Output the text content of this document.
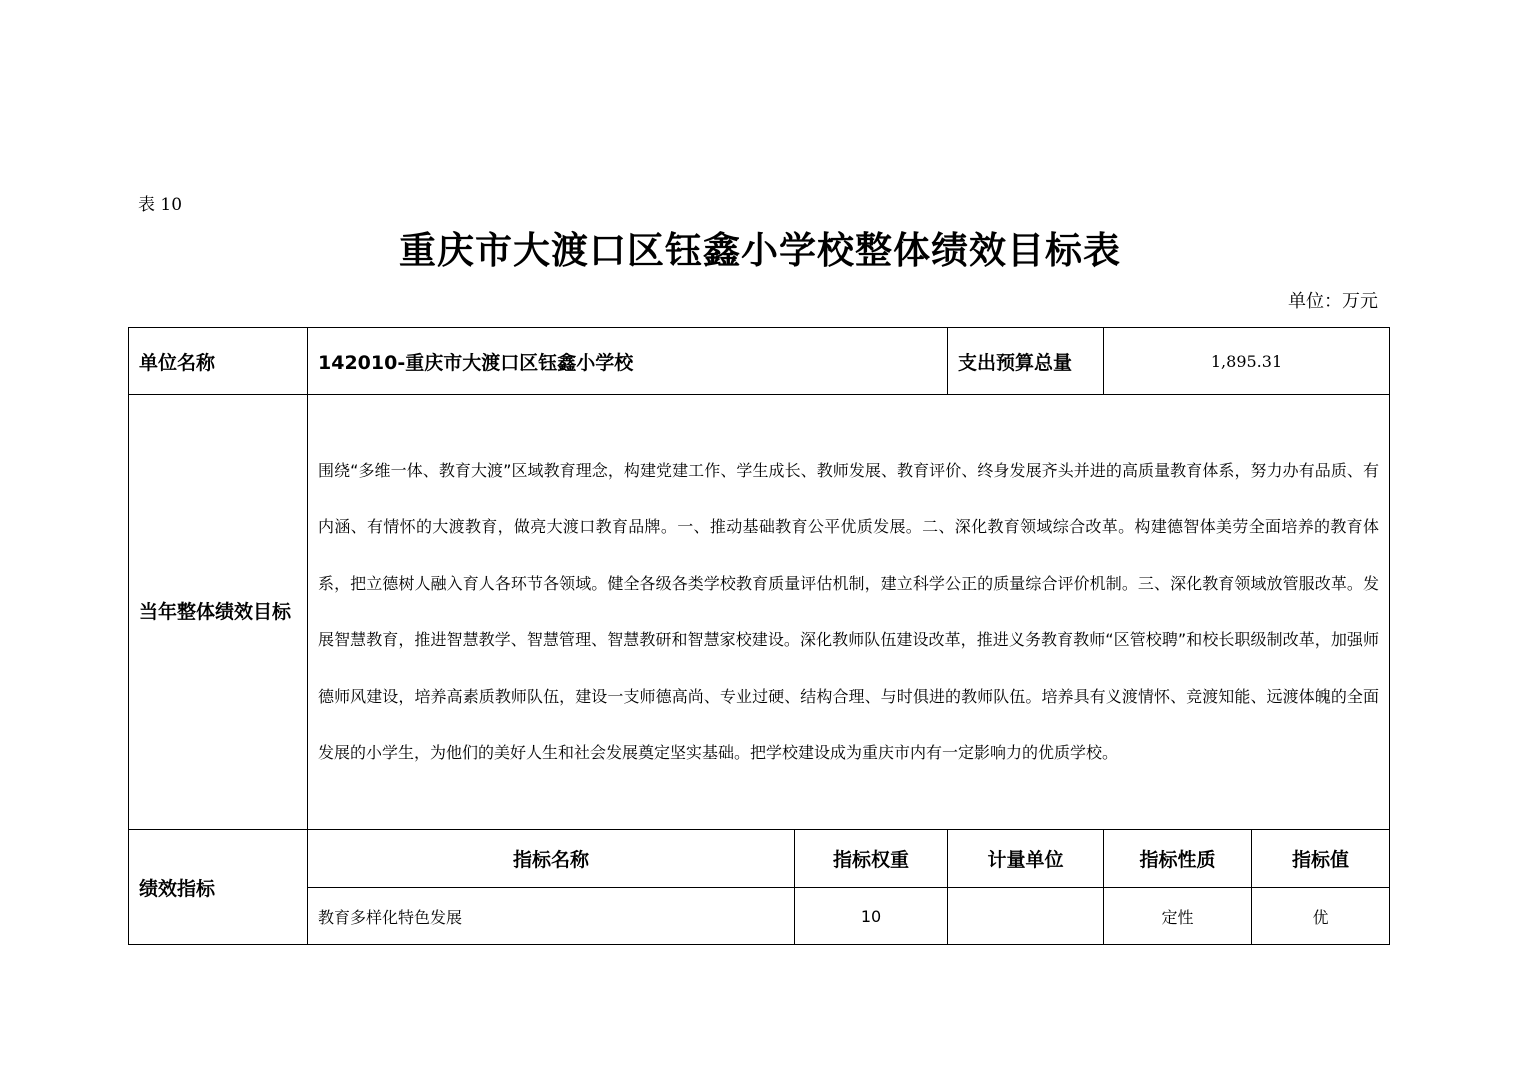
表 10
重庆市大渡口区钰鑫小学校整体绩效目标表
单位：万元
单位名称	142010-重庆市大渡口区钰鑫小学校		支出预算总量	1,895.31	
当年整体绩效目标	围绕“多维一体、教育大渡”区域教育理念，构建党建工作、学生成长、教师发展、教育评价、终身发展齐头并进的高质量教育体系，努力办有品质、有内涵、有情怀的大渡教育，做亮大渡口教育品牌。一、推动基础教育公平优质发展。二、深化教育领域综合改革。构建德智体美劳全面培养的教育体系，把立德树人融入育人各环节各领域。健全各级各类学校教育质量评估机制，建立科学公正的质量综合评价机制。三、深化教育领域放管服改革。发展智慧教育，推进智慧教学、智慧管理、智慧教研和智慧家校建设。深化教师队伍建设改革，推进义务教育教师“区管校聘”和校长职级制改革，加强师德师风建设，培养高素质教师队伍，建设一支师德高尚、专业过硬、结构合理、与时俱进的教师队伍。培养具有义渡情怀、竞渡知能、远渡体魄的全面发展的小学生，为他们的美好人生和社会发展奠定坚实基础。把学校建设成为重庆市内有一定影响力的优质学校。				
绩效指标	指标名称	指标权重	计量单位	指标性质	指标值
	教育多样化特色发展	10		定性	优
